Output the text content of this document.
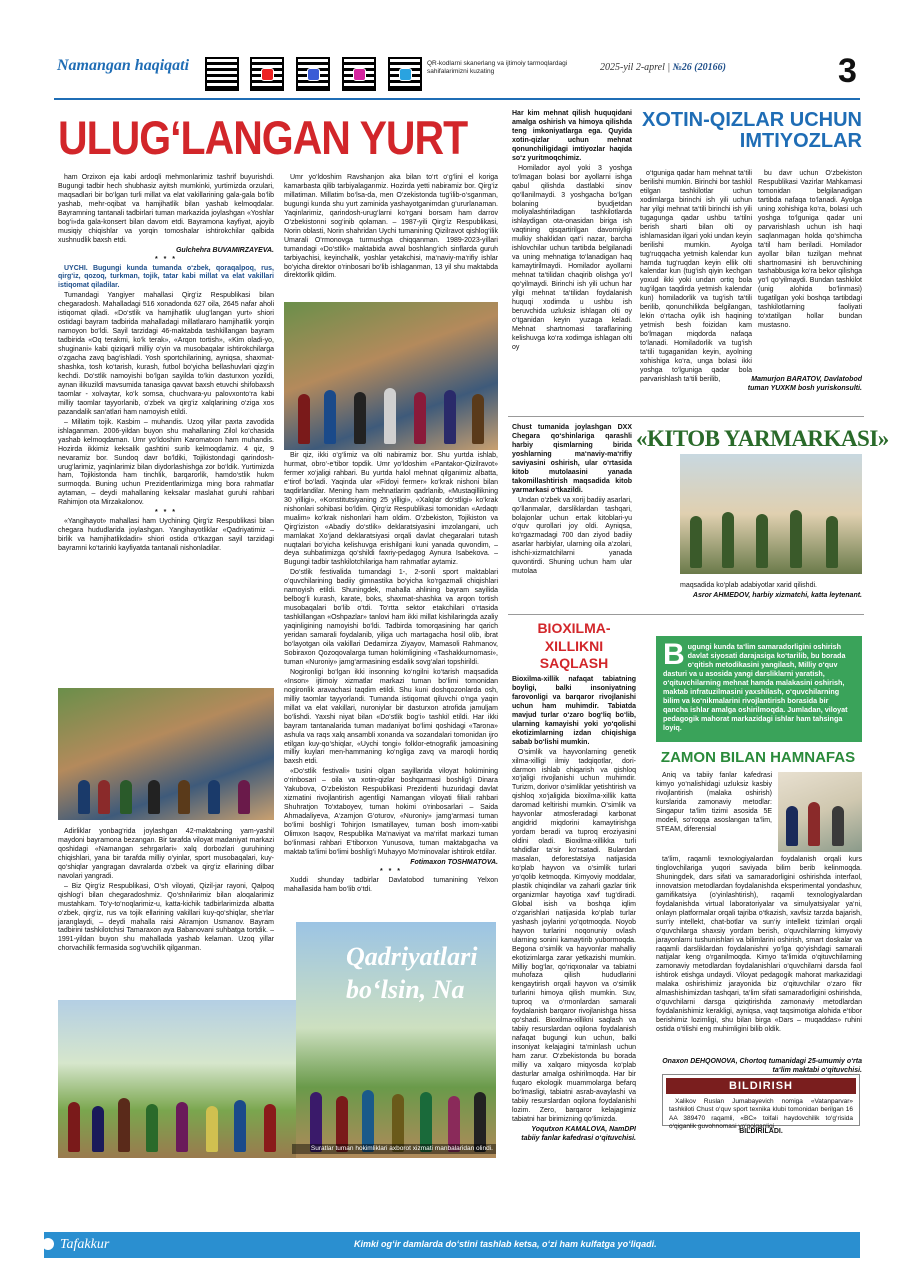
Namangan haqiqati	QR-kodlarni skanerlang va ijtimoiy tarmoqlardagi sahifalarimizni kuzating	2025-yil 2-aprel | №26 (20166)	3
ULUG‘LANGAN YURT

ham Orzixon eja kabi ardoqli mehmonlarimiz tashrif buyurishdi. Bugungi tadbir hech shubhasiz ayitsh mumkinki, yurtimizda orzulari, maqsadlari bir bo‘lgan turli millat va elat vakillarining gala-gala bo‘lib yashab, mehr-oqibat va hamjihatlik bilan yashab kelmoqdalar. Bayramning tantanali tadbirlari tuman markazida joylashgan «Yoshlar bog‘i»da gala-konsert bilan davom etdi. Bayramona kayfiyat, ajoyib musiqiy chiqishlar va yorqin tomoshalar ishtirokchilar qalbida xushnudlik baxsh etdi.

Gulchehra BUVAMIRZAYEVA.
* * *

UYCHI. Bugungi kunda tumanda o‘zbek, qoraqalpoq, rus, qirg‘iz, qozoq, turkman, tojik, tatar kabi millat va elat vakillari istiqomat qiladilar.

Tumandagi Yangiyer mahallasi Qirg‘iz Respublikasi bilan chegaradosh. Mahalladagi 516 xonadonda 627 oila, 2645 nafar aholi istiqomat qiladi. «Do‘stlik va hamjihatlik ulug‘langan yurt» shiori ostidagi bayram tadbirida mahalladagi millatlararo hamjihatlik yorqin namoyon bo‘ldi. Sayil tarzidagi 46-maktabda tashkillangan bayram tadbirida «Oq terakmi, ko‘k terak», «Arqon tortish», «Kim oladi-yo, shuginani» kabi qiziqarli milliy o‘yin va musobaqalar ishtirokchilarga o‘zgacha zavq bag‘ishladi. Yosh sportchilarining, ayniqsa, shaxmat-shashka, tosh ko‘tarish, kurash, futbol bo‘yicha bellashuvlari qizg‘in kechdi. Do‘stlik namoyishi bo‘lgan sayilda to‘kin dasturxon yozildi, aynan ilikuzildi mavsumida tanasiga qavvat baxsh etuvchi shifobaxsh taomlar - xolvaytar, ko‘k somsa, chuchvara-yu palovxonto‘ra kabi milliy taomlar tayyorlanib, o‘zbek va qirg‘iz xalqlarining o‘ziga xos pazandalik san‘atlari ham namoyish etildi.

– Millatim tojik. Kasbim – muhandis. Uzoq yillar paxta zavodida ishlaganman. 2006-yildan buyon shu mahallaning Zilol ko‘chasida yashab kelmoqdaman. Umr yo‘ldoshim Karomatxon ham muhandis. Hozirda ikkimiz keksalik gashtini surib kelmoqdamiz. 4 qiz, 9 nevaramiz bor. Sundoq davr bo‘ldiki, Tojikistondagi qarindosh-urug‘larimiz, yaqinlarimiz bilan diydorlashishga zor bo‘ldik. Yurtimizda ham, Tojikistonda ham tinchlik, barqarorlik, hamdo‘stlik hukm surmoqda. Buning uchun Prezidentlarimizga ming bora rahmatlar aytaman, – deydi mahallaning keksalar maslahat guruhi rahbari Rahimjon ota Mirzakalonov.

* * *

«Yangihayot» mahallasi ham Uychining Qirg‘iz Respublikasi bilan chegara hududlarida joylashgan. Yangihayotliklar «Qadriyatimiz – birlik va hamjihatlikdadir» shiori ostida o‘tkazgan sayil tarzidagi bayramni ko‘tarinki kayfiyatda tantanali nishonladilar.

Adirliklar yonbag‘rida joylashgan 42-maktabning yam-yashil maydoni bayramona bezangan. Bir tarafda viloyat madaniyat markazi qoshidagi «Namangan sehrgarlari» xalq dorbozlari guruhining chiqishlari, yana bir tarafda milliy o‘yinlar, sport musobaqalari, kuy-qo‘shiqlar yangragan davralarda o‘zbek va qirg‘iz ellarining dilbar navolari yangradi.

– Biz Qirg‘iz Respublikasi, O‘sh viloyati, Qizil-jar rayoni, Qalpoq qishlog‘i bilan chegaradoshmiz. Qo‘shnilarimiz bilan aloqalarimiz mustahkam. To‘y-to‘noqlarimiz-u, katta-kichik tadbirlarimizda albatta o‘zbek, qirg‘iz, rus va tojik ellarining vakillari kuy-qo‘shiqlar, she‘rlar jaranglaydi, – deydi mahalla raisi Akramjon Usmanov. Bayram tadbirini tashkilotchisi Tamaraxon aya Babanovani suhbatga tortdik. – 1991-yildan buyon shu mahallada yashab kelaman. Uzoq yillar chorvachilik fermasida sog‘uvchilik qilganman.

Umr yo‘ldoshim Ravshanjon aka bilan to‘rt o‘g‘lini el koriga kamarbasta qilib tarbiyalaganmiz. Hozirda yetti nabiramiz bor. Qirg‘iz millatiman. Millatim bo‘lsa-da, men O‘zekistonda tug‘ilib-o‘sganman, bugungi kunda shu yurt zaminida yashayotganimdan g‘ururlanaman. Yaqinlarimiz, qarindosh-urug‘larni ko‘rgani borsam ham darrov O‘zbekistonni sog‘inib qolaman. – 1987-yili Qirg‘iz Respublikasi, Norin oblasti, Norin shahridan Uychi tumanining Qizilravot qishlog‘ilik Umarali O‘rmonovga turmushga chiqqanman. 1989-2023-yillari tumandagi «Do‘stlik» maktabida avval boshlang‘ich sinflarda guruh tarbiyachisi, keyinchalik, yoshlar yetakchisi, ma‘naviy-ma‘rifiy ishlar bo‘yicha direktor o‘rinbosari bo‘lib ishlaganman, 13 yil shu maktabda direktorlik qildim.

Bir qiz, ikki o‘g‘limiz va olti nabiramiz bor. Shu yurtda ishlab, hurmat, obro‘-e‘tibor topdik. Umr yo‘ldoshim «Pantakor-Qizilravot» fermer xo‘jaligi rahbari. Bu yurtda halol mehnat qilganimiz albatta, e‘tirof bo‘ladi. Yaqinda ular «Fidoyi fermer» ko‘krak nishoni bilan taqdirlandilar. Mening ham mehnatlarim qadrlanib, «Mustaqillikning 30 yilligi», «Konstitutsiyaning 25 yilligi», «Xalqlar do‘stligi» ko‘krak nishonlari sohibasi bo‘ldim. Qirg‘iz Respublikasi tomonidan «Ardaqtı mualim» ko‘krak nishonlari ham oldim. O‘zbekiston, Tojikiston va Qirg‘iziston «Abadiy do‘stlik» deklaratsiyasini imzolangani, uch mamlakat Xo‘jand deklaratsiyasi orqali davlat chegaralari tutash nuqtalari bo‘yicha kelishuvga erishilgani kuni yanada quvondim, – deya suhbatimizga qo‘shildi faxriy-pedagog Aynura Isabekova. – Bugungi tadbir tashkilotchilariga ham rahmatlar aytamiz.

Do‘stlik festivalida tumandagi 1-, 2-sonli sport maktablari o‘quvchilarining badiiy gimnastika bo‘yicha ko‘rgazmali chiqishlari namoyish etildi. Shuningdek, mahalla ahlining bayram sayilida belbog‘li kurash, karate, boks, shaxmat-shashka va arqon tortish musobaqalari bo‘lib o‘tdi. To‘rtta sektor etakchilari o‘rtasida tashkillangan «Oshpazlar» tanlovi ham ikki millat kishilaringda azaliy yaqinligining namoyishi bo‘ldi. Tadbirda tomorqasining har qarich yeridan samarali foydalanib, yiliga uch martagacha hosil olib, ibrat bo‘layotgan oila vakillari Dedamirza Ziyayov, Mamasoli Rahmanov, Sobiraxon Qozoqovalarga tuman hokimligining «Tashakkurnomasi», tuman «Nuroniy» jamg‘armasining esdalik sovg‘alari topshirildi.

Nogironligi bo‘lgan ikki insonning ko‘ngilni ko‘tarish maqsadida «Inson» ijtimoiy xizmatlar markazi tuman bo‘limi tomonidan nogironlik aravachasi taqdim etildi. Shu kuni doshqozonlarda osh, milliy taomlar tayyorlandi. Tumanda istiqomat qiluvchi o‘nga yaqin millat va elat vakillari, nuroniylar bir dasturxon atrofida jamuljam bo‘lishdi. Yaxshi niyat bilan «Do‘stlik bog‘i» tashkil etildi. Har ikki bayram tantanalarida tuman madaniyat bo‘limi qoshidagi «Tarona» ashula va raqs xalq ansambli xonanda va sozandalari tomonidan ijro etilgan kuy-qo‘shiqlar, «Uychi tongi» folklor-etnografik jamoasining milliy kuylari men-hammaning ko‘ngliga zavq va maroqli hordiq baxsh etdi.

«Do‘stlik festivali» tusini olgan sayillarida viloyat hokimining o‘rinbosari – oila va xotin-qizlar boshqarmasi boshlig‘i Dinara Yakubova, O‘zbekiston Respublikasi Prezidenti huzuridagi davlat xizmatini rivojlantirish agentligi Namangan viloyati filiali rahbari Shuhratjon To‘xtaboyev, tuman hokimi o‘rinbosarlari – Saida Ahmadaliyeva, A‘zamjon G‘oturov, «Nuroniy» jamg‘armasi tuman bo‘limi boshlig‘i Tohirjon Ismatillayev, tuman bosh imom-xatibi Olimxon Isaqov, Respublika Ma‘naviyat va ma‘rifat markazi tuman bo‘linmasi rahbari E‘tiborxon Yunusova, tuman maktabgacha va maktab ta‘limi bo‘limi boshlig‘i Muhayyo Mo‘minovalar ishtirok etdilar.

Fotimaxon TOSHMATOVA.
* * *

Xuddi shunday tadbirlar Davlatobod tumanining Yelxon mahallasida ham bo‘lib o‘tdi.

Qadriyatlari
bo‘lsin, Na
Suratlar tuman hokimliklari axborot xizmati manbalaridan olindi.

Har kim mehnat qilish huquqidani amalga oshirish va himoya qilishda teng imkoniyatlarga ega. Quyida xotin-qizlar uchun mehnat qonunchiligidagi imtiyozlar haqida so‘z yuritmoqchimiz.

Homilador ayol yoki 3 yoshga to‘lmagan bolasi bor ayollarni ishga qabul qilishda dastlabki sinov qo‘llanilmaydi. 3 yoshgacha bo‘lgan bolaning byudjetdan moliyalashtiriladigan tashkilotlarda ishlaydigan ota-onasidan biriga ish vaqtining qisqartirilgan davomiyligi mulkiy shaklidan qat‘i nazar, barcha ishlovchilar uchun tartibda belgilanadi va uning mehnatiga to‘lanadigan haq kamaytirilmaydi. Homilador ayollarni mehnat ta‘tilidan chaqirib olishga yo‘l qo‘yilmaydi. Birinchi ish yili uchun har yilgi mehnat ta‘tilidan foydalanish huquqi xodimda u ushbu ish beruvchida uzluksiz ishlagan olti oy o‘tganidan keyin yuzaga keladi. Mehnat shartnomasi taraflarining kelishuvga ko‘ra xodimga ishlagan olti oy

XOTIN-QIZLAR UCHUN IMTIYOZLAR

o‘tguniga qadar ham mehnat ta‘tili berilishi mumkin. Birinchi bor tashkil etilgan tashkilotlar uchun xodimlarga birinchi ish yili uchun har yilgi mehnat ta‘tili birinchi ish yili tugagunga qadar ushbu ta‘tilni berish sharti bilan olti oy ishlamasidan ilgari yoki undan keyin berilishi mumkin. Ayolga tug‘ruqqacha yetmish kalendar kun hamda tug‘ruqdan keyin ellik olti kalendar kun (tug‘ish qiyin kechgan yoxud ikki yoki undan ortiq bola tug‘ilgan taqdirda yetmish kalendar kun) homiladorlik va tug‘ish ta‘tili berilib, qonunchilikda belgilangan, lekin o‘rtacha oylik ish haqining yetmish besh foizidan kam bo‘lmagan miqdorda nafaqa to‘lanadi. Homiladorlik va tug‘ish ta‘tili tugaganidan keyin, ayolning xohishiga ko‘ra, unga bolasi ikki yoshga to‘lguniga qadar bola parvarishlash ta‘tili berilib,

bu davr uchun O‘zbekiston Respublikasi Vazirlar Mahkamasi tomonidan belgilanadigan tartibda nafaqa to‘lanadi. Ayolga uning xohishiga ko‘ra, bolasi uch yoshga to‘lguniga qadar uni parvarishlash uchun ish haqi saqlanmagan holda qo‘shimcha ta‘til ham beriladi. Homilador ayollar bilan tuzilgan mehnat shartnomasini ish beruvchining tashabbusiga ko‘ra bekor qilishga yo‘l qo‘yilmaydi. Bundan tashkilot (unig alohida bo‘linmasi) tugatilgan yoki boshqa tartibdagi tashkilotlarning faoliyati to‘xtatilgan hollar bundan mustasno.

Mamurjon BARATOV, Davlatobod tuman YUXKM bosh yuriskonsulti.

Chust tumanida joylashgan DXX Chegara qo‘shinlariga qarashli harbiy qismlarning birida yoshlarning ma‘naviy-ma‘rifiy saviyasini oshirish, ular o‘rtasida kitob mutolaasini yanada takomillashtirish maqsadida kitob yarmarkasi o‘tkazildi.

Undan o‘zbek va xorij badiiy asarlari, qo‘llanmalar, darsliklardan tashqari, bolajonlar uchun ertak kitoblari-yu o‘quv qurollari joy oldi. Ayniqsa, ko‘rgazmadagi 700 dan ziyod badiiy asarlar harbiylar, ularning oila a‘zolari, ishchi-xizmatchilarni yanada quvontirdi. Shuning uchun ham ular mutolaa

«KITOB YARMARKASI»
maqsadida ko‘plab adabiyotlar xarid qilishdi.
Asror AHMEDOV, harbiy xizmatchi, katta leytenant.
BIOXILMA-XILLIKNI SAQLASH

Bioxilma-xillik nafaqat tabiatning boyligi, balki insoniyatning farovonligi va barqaror rivojlanishi uchun ham muhimdir. Tabiatda mavjud turlar o‘zaro bog‘liq bo‘lib, ularning kamayishi yoki yo‘qolishi ekotizimlarning izdan chiqishiga sabab bo‘lishi mumkin.

O‘simlik va hayvonlarning genetik xilma-xilligi ilmiy tadqiqotlar, dori-darmon ishlab chiqarish va qishloq xo‘jaligi rivojlanishi uchun muhimdir. Turizm, dorivor o‘simliklar yetishtirish va qishloq xo‘jaligida bioxilma-xillik katta daromad keltirishi mumkin. O‘simlik va hayvonlar atmosferadagi karbonat angidrid miqdorini kamaytirishga yordam beradi va tuproq eroziyasini oldini oladi. Bioxilma-xillikka turli tahdidlar ta‘sir ko‘rsatadi. Bulardan masalan, deforestatsiya natijasida ko‘plab hayvon va o‘simlik turlari yo‘qolib ketmoqda. Kimyoviy moddalar, plastik chiqindilar va zaharli gazlar tirik organizmlar hayotiga xavf tug‘diradi. Global isish va boshqa iqlim o‘zgarishlari natijasida ko‘plab turlar yashash joylarini yo‘qotmoqda. Noyob hayvon turlarini noqonuniy ovlash ularning sonini kamaytirib yubormoqda. Begona o‘simlik va hayvonlar mahalliy ekotizimlarga zarar yetkazishi mumkin. Milliy bog‘lar, qo‘riqxonalar va tabiatni muhofaza qilish hududlarini kengaytirish orqali hayvon va o‘simlik turlarini himoya qilish mumkin. Suv, tuproq va o‘rmonlardan samarali foydalanish barqaror rivojlanishga hissa qo‘shadi. Bioxilma-xillikni saqlash va tabiiy resurslardan oqilona foydalanish nafaqat bugungi kun uchun, balki insoniyat kelajagini ta‘minlash uchun ham zarur. O‘zbekistonda bu borada milliy va xalqaro miqyosda ko‘plab dasturlar amalga oshirilmoqda. Har bir fuqaro ekologik muammolarga befarq bo‘lmasligi, tabiatni asrab-avaylashi va tabiiy resurslardan oqilona foydalanishi lozim. Zero, barqaror kelajagimiz tabiatni har birimizning qo‘limizda.

Yoqutxon KAMALOVA, NamDPI tabiiy fanlar kafedrasi o‘qituvchisi.
Bugungi kunda ta‘lim samaradorligini oshirish davlat siyosati darajasiga ko‘tarilib, bu borada o‘qitish metodikasini yangilash, Milliy o‘quv dasturi va u asosida yangi darsliklarni yaratish, o‘qituvchilarning mehnat hamda malakasini oshirish, maktab infratuzilmasini yaxshilash, o‘quvchilarning bilim va ko‘nikmalarini rivojlantirish borasida bir qancha ishlar amalga oshirilmoqda. Jumladan, viloyat pedagogik mahorat markazidagi ishlar ham tahsinga loyiq.
ZAMON BILAN HAMNAFAS

Aniq va tabiiy fanlar kafedrasi kimyo yo‘nalishidagi uzluksiz kasbiy rivojlantirish (malaka oshirish) kurslarida zamonaviy metodlar: Singapur ta‘lim tizimi asosida 5E modeli, so‘roqqa asoslangan ta‘lim, STEAM, diferensial

ta‘lim, raqamli texnologiyalardan foydalanish orqali kurs tinglovchilariga yuqori saviyada bilim berib kelinmoqda. Shuningdek, dars sifati va samaradorligini oshirishda interfaol, innovatsion metodlardan foydalanishda eksperimental yondashuv, gamifikatsiya (o‘yinlashtirish), raqamli texnologiyalardan foydalanishda virtual laboratoriyalar va simulyatsiyalar ya‘ni, onlayn platformalar orqali tajriba o‘tkazish, xavfsiz tarzda bajarish, sun‘iy intellekt, chat-botlar va sun‘iy intellekt tizimlari orqali o‘quvchilarga shaxsiy yordam berish, o‘quvchilarning kimyoviy jarayonlarni tushunishlari va bilimlarini oshirish, smart doskalar va raqamli darsliklardan foydalanishni yo‘lga qo‘yishdagi samarali natijalar keng o‘rganilmoqda. Kimyo ta‘limida o‘qituvchilarning zamonaviy metodlardan foydalanishlari o‘quvchilarni darsda faol ishtirok etishga undaydi. Viloyat pedagogik mahorat markazidagi malaka oshirishimiz jarayonida biz o‘qituvchilar o‘zaro fikr almashishimizdan tashqari, ta‘lim sifati samaradorligini oshirishda, o‘quvchilarni darsga qiziqtirishda zamonaviy metodlardan foydalanishimiz kerakligi, ayniqsa, vaqt taqsimotiga alohida e‘tibor berishimiz lozimligi, shu bilan birga «Dars – muqaddas» ruhini ostida o‘tilishi eng muhimligini bilib oldik.

Onaxon DEHQONOVA, Chortoq tumanidagi 25-umumiy o‘rta ta‘lim maktabi o‘qituvchisi.
BILDIRISH
Xalikov Ruslan Jumabayevich nomiga «Vatanparvar» tashkiloti Chust o‘quv sport texnika klubi tomonidan berilgan 16 AA 389470 raqamli, «BC» toifali haydovchilik to‘g‘risida o‘qiganlik guvohnomasi yo‘qolganligi
BILDIRILADI.
Tafakkur	Kimki og‘ir damlarda do‘stini tashlab ketsa, o‘zi ham kulfatga yo‘liqadi.
